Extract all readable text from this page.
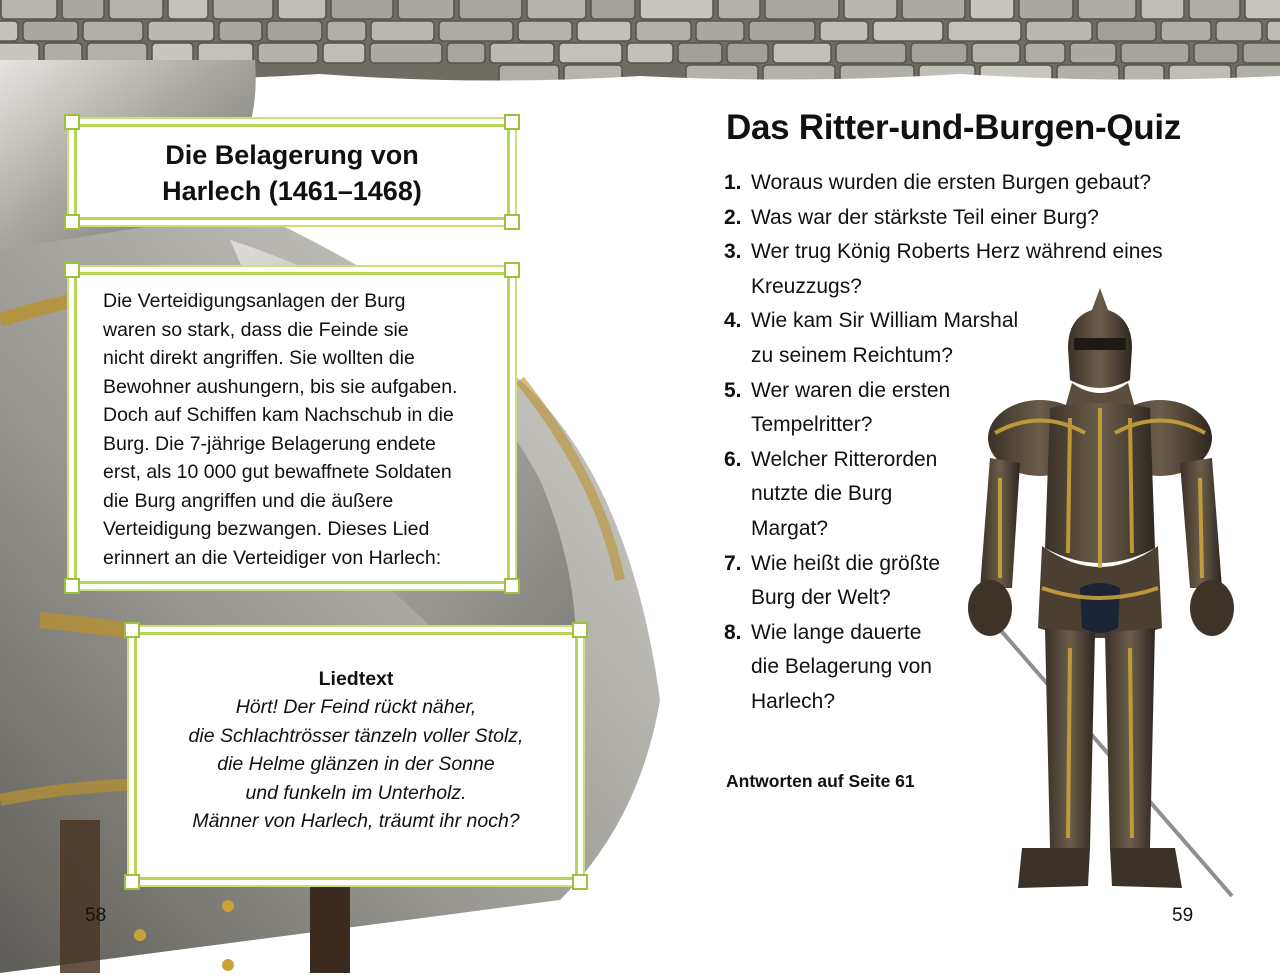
Die Belagerung von
Harlech (1461–1468)

Die Verteidigungsanlagen der Burg
waren so stark, dass die Feinde sie
nicht direkt angriffen. Sie wollten die
Bewohner aushungern, bis sie aufgaben.
Doch auf Schiffen kam Nachschub in die
Burg. Die 7-jährige Belagerung endete
erst, als 10 000 gut bewaffnete Soldaten
die Burg angriffen und die äußere
Verteidigung bezwangen. Dieses Lied
erinnert an die Verteidiger von Harlech:

Liedtext
Hört! Der Feind rückt näher,
die Schlachtrösser tänzeln voller Stolz,
die Helme glänzen in der Sonne
und funkeln im Unterholz.
Männer von Harlech, träumt ihr noch?
58
Das Ritter-und-Burgen-Quiz
1. Woraus wurden die ersten Burgen gebaut?
2. Was war der stärkste Teil einer Burg?
3. Wer trug König Roberts Herz während eines
Kreuzzugs?
4. Wie kam Sir William Marshal
zu seinem Reichtum?
5. Wer waren die ersten
Tempelritter?
6. Welcher Ritterorden
nutzte die Burg
Margat?
7. Wie heißt die größte
Burg der Welt?
8. Wie lange dauerte
die Belagerung von
Harlech?
Antworten auf Seite 61
59
